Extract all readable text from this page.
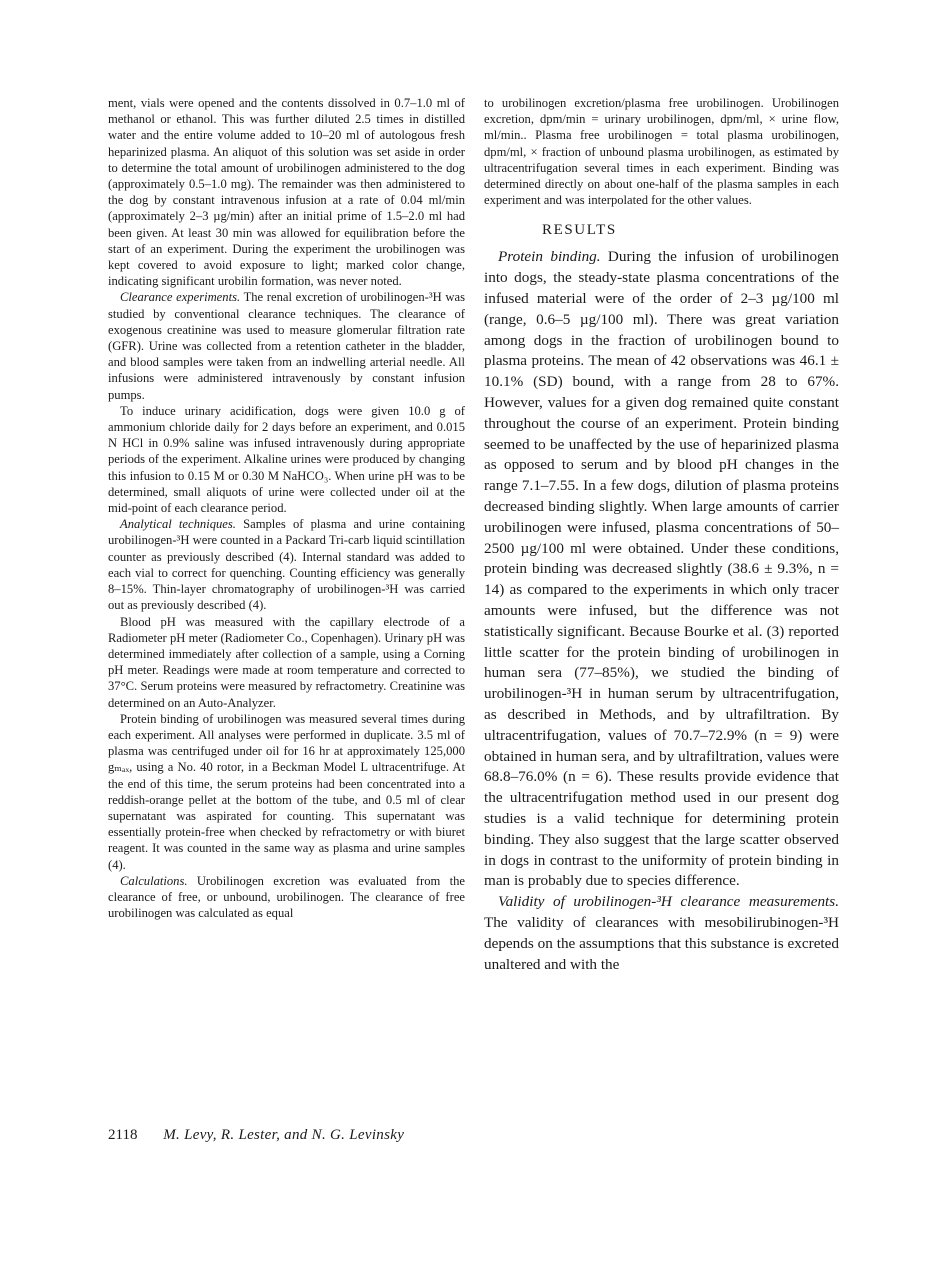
ment, vials were opened and the contents dissolved in 0.7–1.0 ml of methanol or ethanol. This was further diluted 2.5 times in distilled water and the entire volume added to 10–20 ml of autologous fresh heparinized plasma. An aliquot of this solution was set aside in order to determine the total amount of urobilinogen administered to the dog (approximately 0.5–1.0 mg). The remainder was then administered to the dog by constant intravenous infusion at a rate of 0.04 ml/min (approximately 2–3 µg/min) after an initial prime of 1.5–2.0 ml had been given. At least 30 min was allowed for equilibration before the start of an experiment. During the experiment the urobilinogen was kept covered to avoid exposure to light; marked color change, indicating significant urobilin formation, was never noted.

Clearance experiments. The renal excretion of urobilinogen-³H was studied by conventional clearance techniques. The clearance of exogenous creatinine was used to measure glomerular filtration rate (GFR). Urine was collected from a retention catheter in the bladder, and blood samples were taken from an indwelling arterial needle. All infusions were administered intravenously by constant infusion pumps.

To induce urinary acidification, dogs were given 10.0 g of ammonium chloride daily for 2 days before an experiment, and 0.015 N HCl in 0.9% saline was infused intravenously during appropriate periods of the experiment. Alkaline urines were produced by changing this infusion to 0.15 M or 0.30 M NaHCO₃. When urine pH was to be determined, small aliquots of urine were collected under oil at the mid-point of each clearance period.

Analytical techniques. Samples of plasma and urine containing urobilinogen-³H were counted in a Packard Tri-carb liquid scintillation counter as previously described (4). Internal standard was added to each vial to correct for quenching. Counting efficiency was generally 8–15%. Thin-layer chromatography of urobilinogen-³H was carried out as previously described (4).

Blood pH was measured with the capillary electrode of a Radiometer pH meter (Radiometer Co., Copenhagen). Urinary pH was determined immediately after collection of a sample, using a Corning pH meter. Readings were made at room temperature and corrected to 37°C. Serum proteins were measured by refractometry. Creatinine was determined on an Auto-Analyzer.

Protein binding of urobilinogen was measured several times during each experiment. All analyses were performed in duplicate. 3.5 ml of plasma was centrifuged under oil for 16 hr at approximately 125,000 gₘₐₓ, using a No. 40 rotor, in a Beckman Model L ultracentrifuge. At the end of this time, the serum proteins had been concentrated into a reddish-orange pellet at the bottom of the tube, and 0.5 ml of clear supernatant was aspirated for counting. This supernatant was essentially protein-free when checked by refractometry or with biuret reagent. It was counted in the same way as plasma and urine samples (4).

Calculations. Urobilinogen excretion was evaluated from the clearance of free, or unbound, urobilinogen. The clearance of free urobilinogen was calculated as equal

to urobilinogen excretion/plasma free urobilinogen. Urobilinogen excretion, dpm/min = urinary urobilinogen, dpm/ml, × urine flow, ml/min.. Plasma free urobilinogen = total plasma urobilinogen, dpm/ml, × fraction of unbound plasma urobilinogen, as estimated by ultracentrifugation several times in each experiment. Binding was determined directly on about one-half of the plasma samples in each experiment and was interpolated for the other values.

RESULTS

Protein binding. During the infusion of urobilinogen into dogs, the steady-state plasma concentrations of the infused material were of the order of 2–3 µg/100 ml (range, 0.6–5 µg/100 ml). There was great variation among dogs in the fraction of urobilinogen bound to plasma proteins. The mean of 42 observations was 46.1 ± 10.1% (SD) bound, with a range from 28 to 67%. However, values for a given dog remained quite constant throughout the course of an experiment. Protein binding seemed to be unaffected by the use of heparinized plasma as opposed to serum and by blood pH changes in the range 7.1–7.55. In a few dogs, dilution of plasma proteins decreased binding slightly. When large amounts of carrier urobilinogen were infused, plasma concentrations of 50–2500 µg/100 ml were obtained. Under these conditions, protein binding was decreased slightly (38.6 ± 9.3%, n = 14) as compared to the experiments in which only tracer amounts were infused, but the difference was not statistically significant. Because Bourke et al. (3) reported little scatter for the protein binding of urobilinogen in human sera (77–85%), we studied the binding of urobilinogen-³H in human serum by ultracentrifugation, as described in Methods, and by ultrafiltration. By ultracentrifugation, values of 70.7–72.9% (n = 9) were obtained in human sera, and by ultrafiltration, values were 68.8–76.0% (n = 6). These results provide evidence that the ultracentrifugation method used in our present dog studies is a valid technique for determining protein binding. They also suggest that the large scatter observed in dogs in contrast to the uniformity of protein binding in man is probably due to species difference.

Validity of urobilinogen-³H clearance measurements. The validity of clearances with mesobilirubinogen-³H depends on the assumptions that this substance is excreted unaltered and with the

2118 M. Levy, R. Lester, and N. G. Levinsky
